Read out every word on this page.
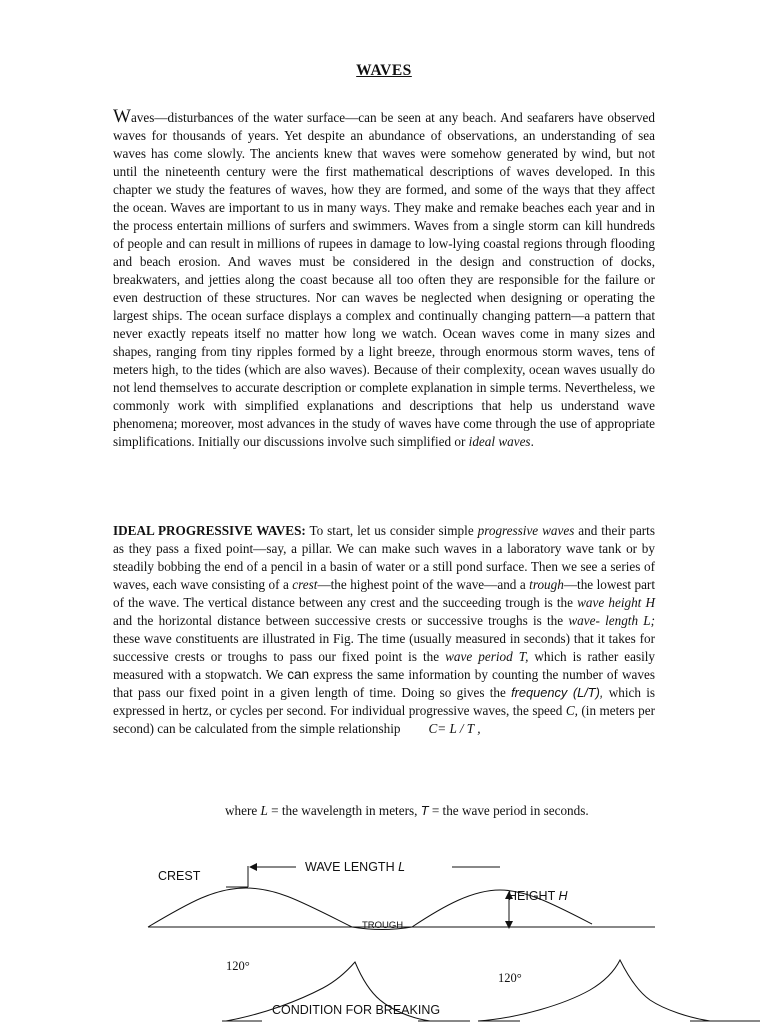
WAVES

Waves—disturbances of the water surface—can be seen at any beach. And seafarers have observed waves for thousands of years. Yet despite an abundance of observations, an understanding of sea waves has come slowly. The ancients knew that waves were somehow generated by wind, but not until the nineteenth century were the first mathematical descriptions of waves developed. In this chapter we study the features of waves, how they are formed, and some of the ways that they affect the ocean. Waves are important to us in many ways. They make and remake beaches each year and in the process entertain millions of surfers and swimmers. Waves from a single storm can kill hundreds of people and can result in millions of rupees in damage to low-lying coastal regions through flooding and beach erosion. And waves must be considered in the design and construction of docks, breakwaters, and jetties along the coast because all too often they are responsible for the failure or even destruction of these structures. Nor can waves be neglected when designing or operating the largest ships. The ocean surface displays a complex and continually changing pattern—a pattern that never exactly repeats itself no matter how long we watch. Ocean waves come in many sizes and shapes, ranging from tiny ripples formed by a light breeze, through enormous storm waves, tens of meters high, to the tides (which are also waves). Because of their complexity, ocean waves usually do not lend themselves to accurate description or complete explanation in simple terms. Nevertheless, we commonly work with simplified explanations and descriptions that help us understand wave phenomena; moreover, most advances in the study of waves have come through the use of appropriate simplifications. Initially our discussions involve such simplified or ideal waves.

IDEAL PROGRESSIVE WAVES: To start, let us consider simple progressive waves and their parts as they pass a fixed point—say, a pillar. We can make such waves in a laboratory wave tank or by steadily bobbing the end of a pencil in a basin of water or a still pond surface. Then we see a series of waves, each wave consisting of a crest—the highest point of the wave—and a trough—the lowest part of the wave. The vertical distance between any crest and the succeeding trough is the wave height H and the horizontal distance between successive crests or successive troughs is the wave- length L; these wave constituents are illustrated in Fig. The time (usually measured in seconds) that it takes for successive crests or troughs to pass our fixed point is the wave period T, which is rather easily measured with a stopwatch. We can express the same information by counting the number of waves that pass our fixed point in a given length of time. Doing so gives the frequency (L/T), which is expressed in hertz, or cycles per second. For individual progressive waves, the speed C, (in meters per second) can be calculated from the simple relationship C= L / T ,

where L = the wavelength in meters, T = the wave period in seconds.
CREST
WAVE LENGTH L
HEIGHT H
TROUGH
120°
120°
CONDITION FOR BREAKING
